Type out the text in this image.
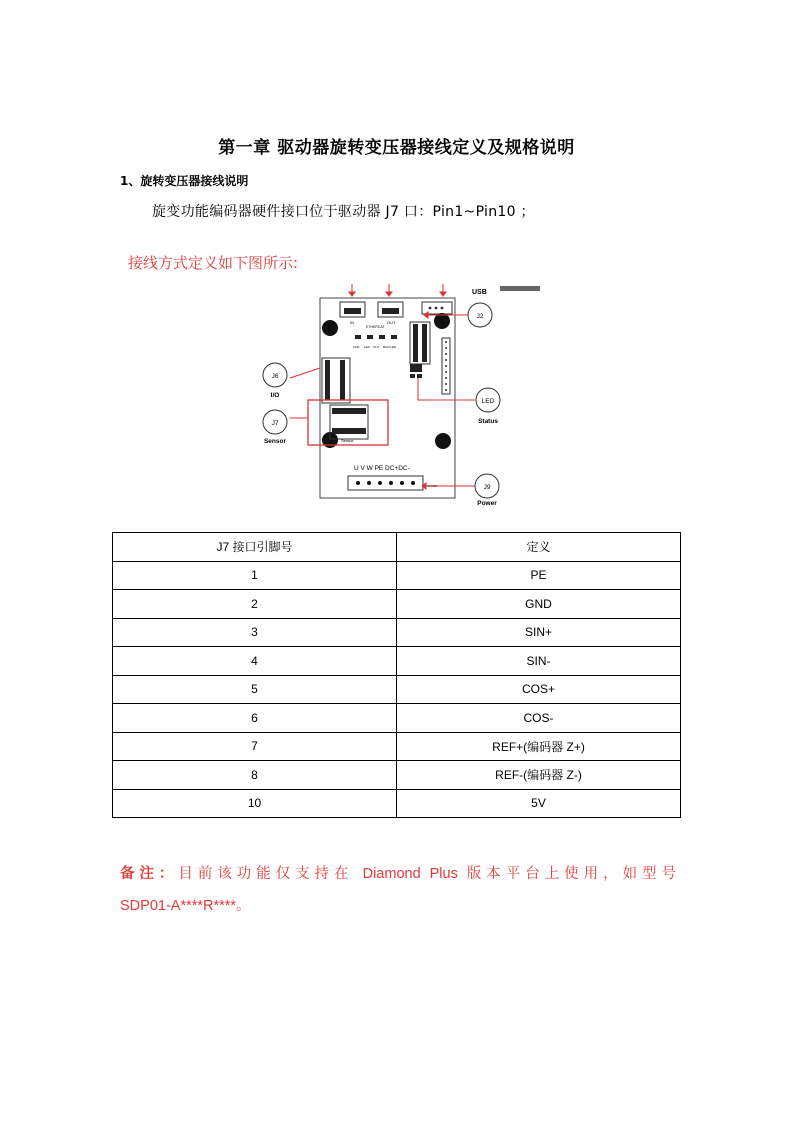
第一章 驱动器旋转变压器接线定义及规格说明
1、旋转变压器接线说明
旋变功能编码器硬件接口位于驱动器 J7 口：Pin1~Pin10 ；
接线方式定义如下图所示:
USB
IN	OUT
ETHERCAT
LINK LED OUT RUN LED
Sensor
U V W PE DC+DC-
POWER
J2
J6
I/O
J7
Sensor
LED
Status
J9
Power
J7 接口引脚号	定义
1	PE
2	GND
3	SIN+
4	SIN-
5	COS+
6	COS-
7	REF+(编码器 Z+)
8	REF-(编码器 Z-)
10	5V
备注：目前该功能仅支持在 Diamond Plus 版本平台上使用，如型号
SDP01-A****R****。
